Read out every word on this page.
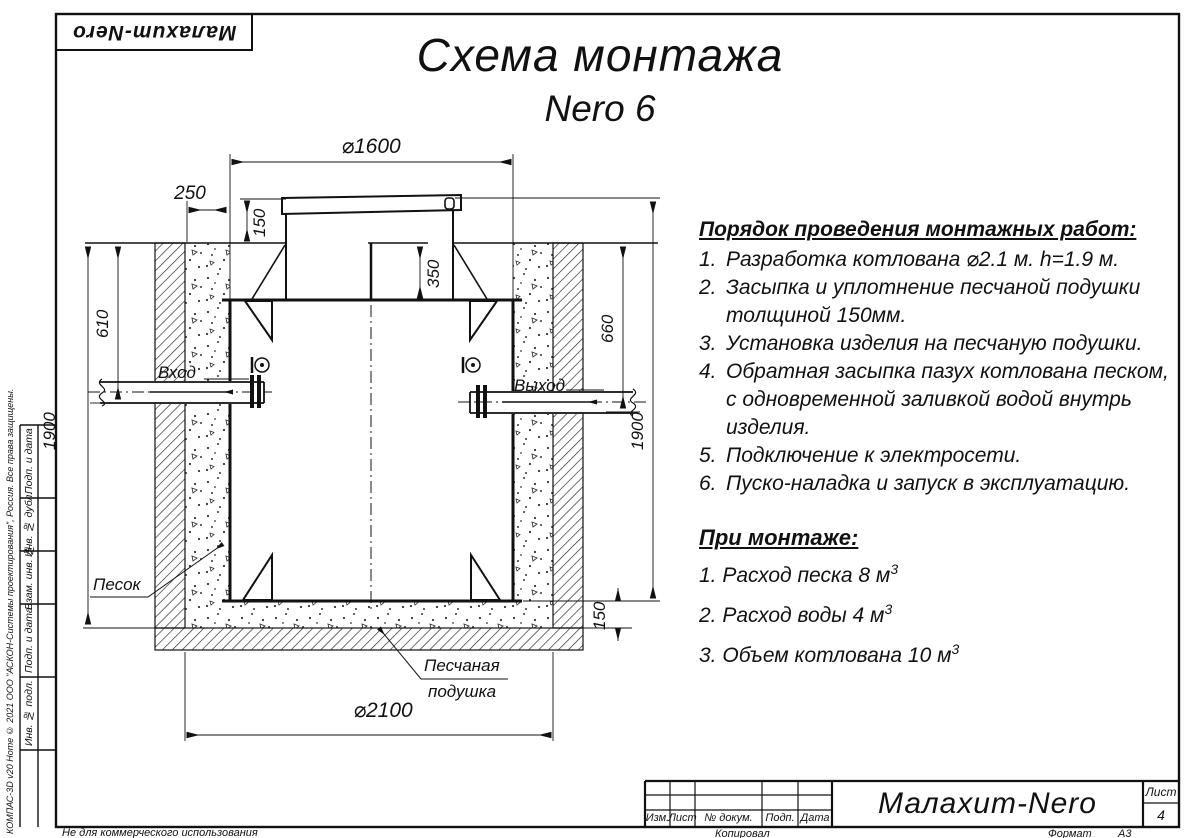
Малахит-Nero	Схема монтажа
Nero 6
⌀1600
250
150
350
610
1900
660
1900
150
⌀2100
Вход
Выход
Песок
Песчаная
подушка
Порядок проведения монтажных работ:
1. Разработка котлована ⌀2.1 м. h=1.9 м.
2. Засыпка и уплотнение песчаной подушки толщиной 150мм.
3. Установка изделия на песчаную подушки.
4. Обратная засыпка пазух котлована песком, с одновременной заливкой водой внутрь изделия.
5. Подключение к электросети.
6. Пуско-наладка и запуск в эксплуатацию.
При монтаже:
1. Расход песка 8 $м^3$
2. Расход воды 4 $м^3$
3. Объем котлована 10 $м^3$
Изм. Лист № докум.	Подп. Дата	Малахит-Nero	Лист
4
Копировал	Формат А3
Подп. и дата
Инв. № дубл.
Взам. инв. №
Подп. и дата
Инв. № подл.
КОМПАС-3D v20 Home © 2021 ООО "АСКОН-Системы проектирования", Россия. Все права защищены.	Не для коммерческого использования
